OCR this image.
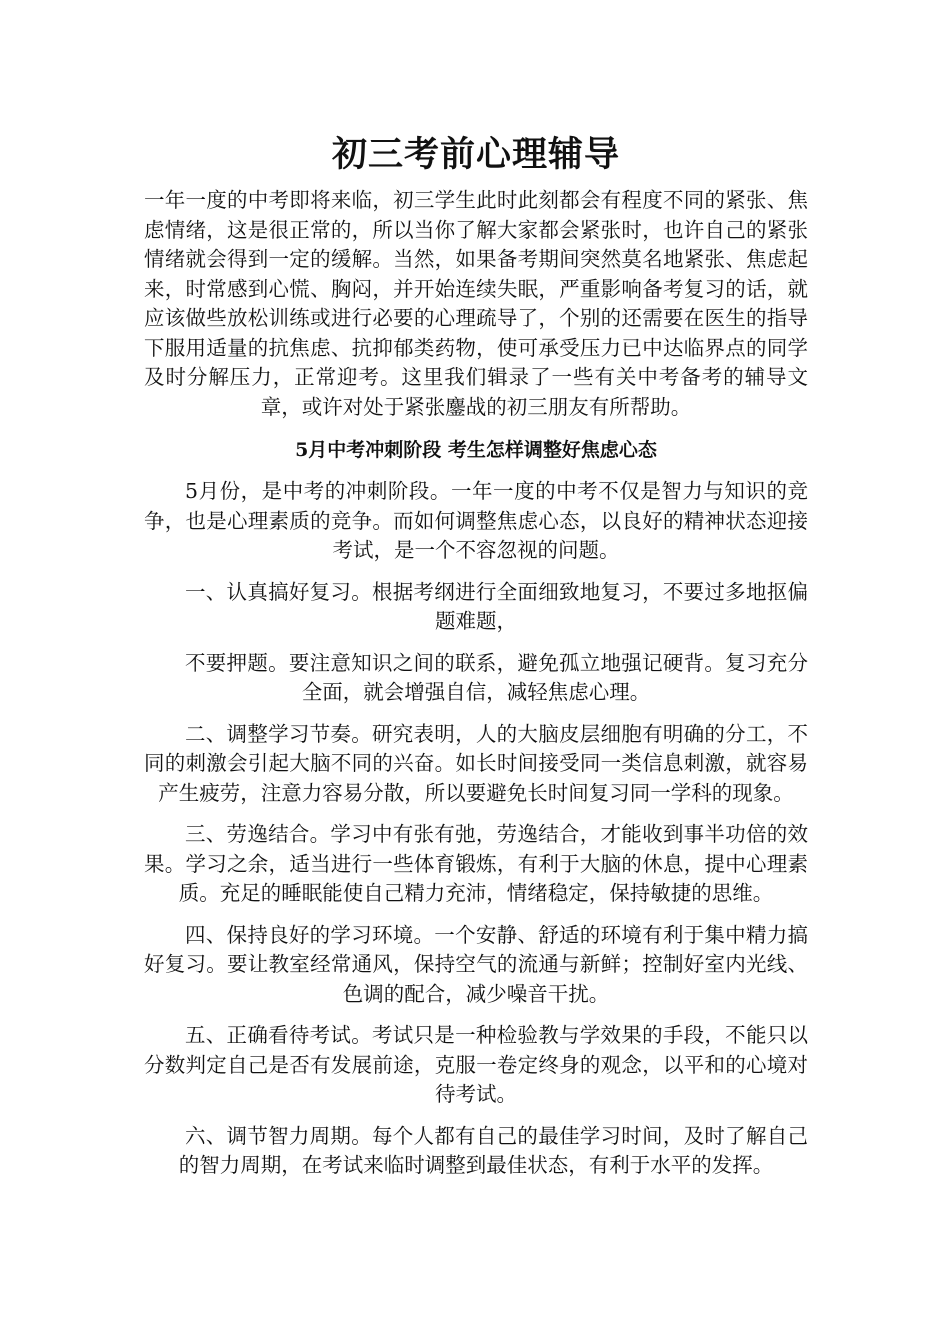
初三考前心理辅导

一年一度的中考即将来临，初三学生此时此刻都会有程度不同的紧张、焦虑情绪，这是很正常的，所以当你了解大家都会紧张时，也许自己的紧张情绪就会得到一定的缓解。当然，如果备考期间突然莫名地紧张、焦虑起来，时常感到心慌、胸闷，并开始连续失眠，严重影响备考复习的话，就应该做些放松训练或进行必要的心理疏导了，个别的还需要在医生的指导下服用适量的抗焦虑、抗抑郁类药物，使可承受压力已中达临界点的同学及时分解压力，正常迎考。这里我们辑录了一些有关中考备考的辅导文章，或许对处于紧张鏖战的初三朋友有所帮助。

5月中考冲刺阶段 考生怎样调整好焦虑心态

5月份，是中考的冲刺阶段。一年一度的中考不仅是智力与知识的竞争，也是心理素质的竞争。而如何调整焦虑心态，以良好的精神状态迎接考试，是一个不容忽视的问题。

一、认真搞好复习。根据考纲进行全面细致地复习，不要过多地抠偏题难题，

不要押题。要注意知识之间的联系，避免孤立地强记硬背。复习充分全面，就会增强自信，减轻焦虑心理。

二、调整学习节奏。研究表明，人的大脑皮层细胞有明确的分工，不同的刺激会引起大脑不同的兴奋。如长时间接受同一类信息刺激，就容易产生疲劳，注意力容易分散，所以要避免长时间复习同一学科的现象。

三、劳逸结合。学习中有张有弛，劳逸结合，才能收到事半功倍的效果。学习之余，适当进行一些体育锻炼，有利于大脑的休息，提中心理素质。充足的睡眠能使自己精力充沛，情绪稳定，保持敏捷的思维。

四、保持良好的学习环境。一个安静、舒适的环境有利于集中精力搞好复习。要让教室经常通风，保持空气的流通与新鲜；控制好室内光线、色调的配合，减少噪音干扰。

五、正确看待考试。考试只是一种检验教与学效果的手段，不能只以分数判定自己是否有发展前途，克服一卷定终身的观念，以平和的心境对待考试。

六、调节智力周期。每个人都有自己的最佳学习时间，及时了解自己的智力周期，在考试来临时调整到最佳状态，有利于水平的发挥。
